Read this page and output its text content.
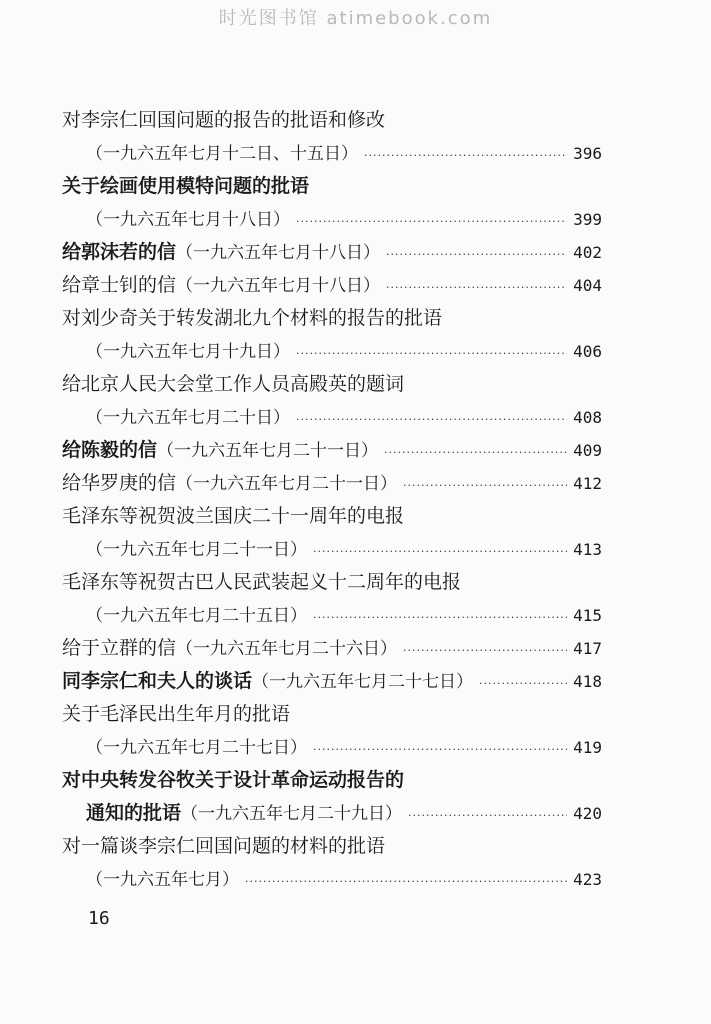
时光图书馆 atimebook.com
对李宗仁回国问题的报告的批语和修改
（一九六五年七月十二日、十五日） ·····	396
关于绘画使用模特问题的批语
（一九六五年七月十八日） ·····	399
给郭沫若的信 （一九六五年七月十八日） ·····	402
给章士钊的信 （一九六五年七月十八日） ·····	404
对刘少奇关于转发湖北九个材料的报告的批语
（一九六五年七月十九日） ·····	406
给北京人民大会堂工作人员高殿英的题词
（一九六五年七月二十日） ·····	408
给陈毅的信 （一九六五年七月二十一日） ·····	409
给华罗庚的信 （一九六五年七月二十一日） ·····	412
毛泽东等祝贺波兰国庆二十一周年的电报
（一九六五年七月二十一日） ·····	413
毛泽东等祝贺古巴人民武装起义十二周年的电报
（一九六五年七月二十五日） ·····	415
给于立群的信 （一九六五年七月二十六日） ·····	417
同李宗仁和夫人的谈话 （一九六五年七月二十七日） ·····	418
关于毛泽民出生年月的批语
（一九六五年七月二十七日） ·····	419
对中央转发谷牧关于设计革命运动报告的
通知的批语 （一九六五年七月二十九日） ·····	420
对一篇谈李宗仁回国问题的材料的批语
（一九六五年七月） ·····	423
16
